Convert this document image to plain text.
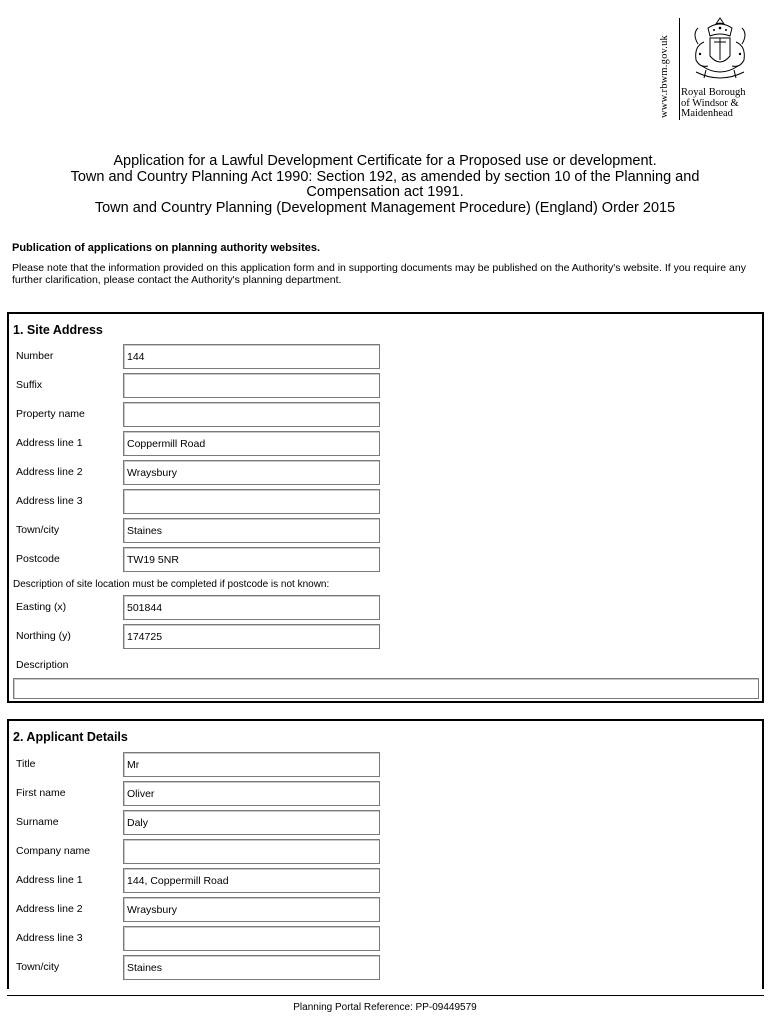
www.rbwm.gov.uk	Royal Borough
of Windsor &
Maidenhead
Application for a Lawful Development Certificate for a Proposed use or development.
Town and Country Planning Act 1990: Section 192, as amended by section 10 of the Planning and
Compensation act 1991.
Town and Country Planning (Development Management Procedure) (England) Order 2015
Publication of applications on planning authority websites.
Please note that the information provided on this application form and in supporting documents may be published on the Authority's website. If you require any further clarification, please contact the Authority's planning department.
1. Site Address
Number	144
Suffix
Property name
Address line 1	Coppermill Road
Address line 2	Wraysbury
Address line 3
Town/city	Staines
Postcode	TW19 5NR
Description of site location must be completed if postcode is not known:
Easting (x)	501844
Northing (y)	174725
Description
2. Applicant Details
Title	Mr
First name	Oliver
Surname	Daly
Company name
Address line 1	144, Coppermill Road
Address line 2	Wraysbury
Address line 3
Town/city	Staines
Planning Portal Reference: PP-09449579
